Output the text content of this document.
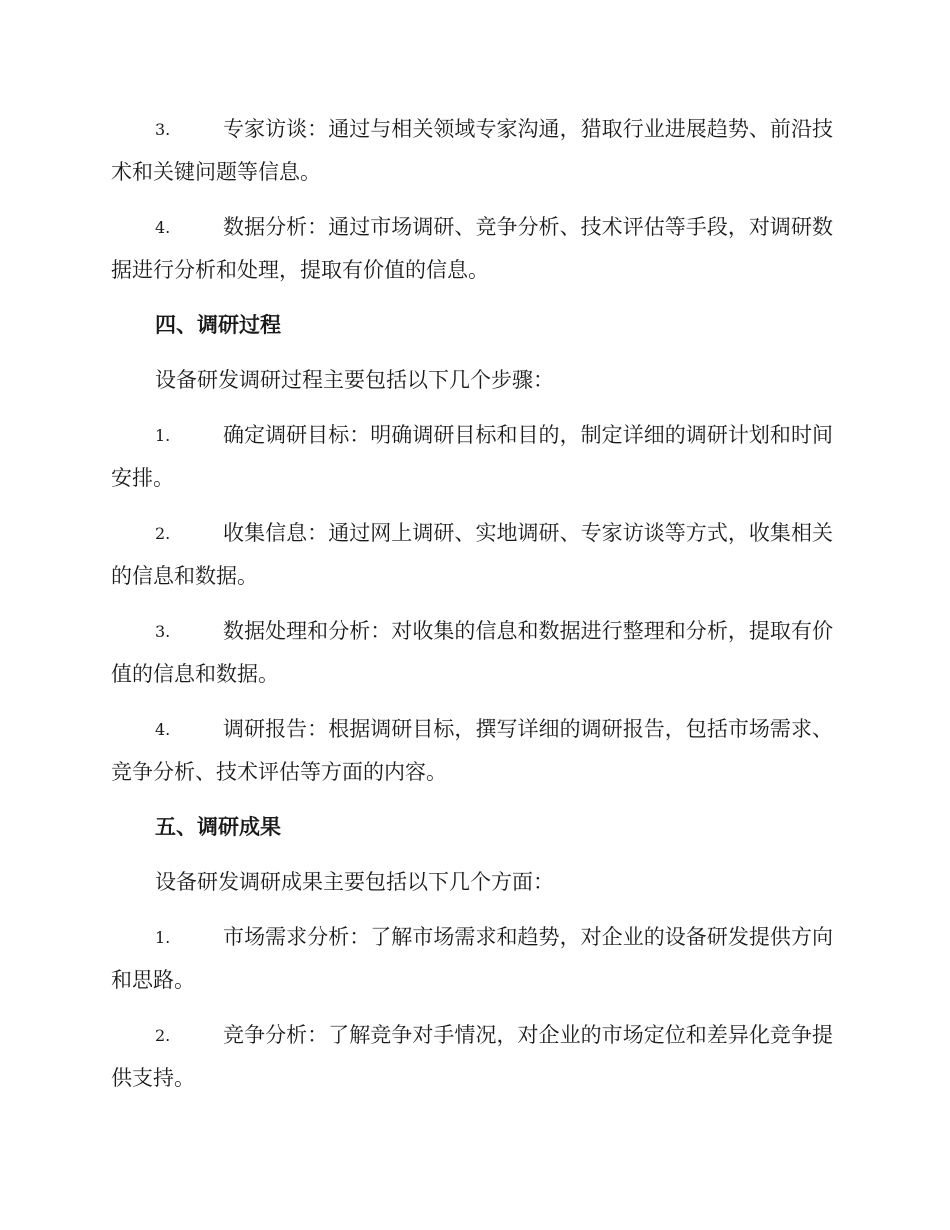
3.	专家访谈：通过与相关领域专家沟通，猎取行业进展趋势、前沿技术和关键问题等信息。
4.	数据分析：通过市场调研、竞争分析、技术评估等手段，对调研数据进行分析和处理，提取有价值的信息。
四、调研过程
设备研发调研过程主要包括以下几个步骤：
1.	确定调研目标：明确调研目标和目的，制定详细的调研计划和时间安排。
2.	收集信息：通过网上调研、实地调研、专家访谈等方式，收集相关的信息和数据。
3.	数据处理和分析：对收集的信息和数据进行整理和分析，提取有价值的信息和数据。
4.	调研报告：根据调研目标，撰写详细的调研报告，包括市场需求、竞争分析、技术评估等方面的内容。
五、调研成果
设备研发调研成果主要包括以下几个方面：
1.	市场需求分析：了解市场需求和趋势，对企业的设备研发提供方向和思路。
2.	竞争分析：了解竞争对手情况，对企业的市场定位和差异化竞争提供支持。
